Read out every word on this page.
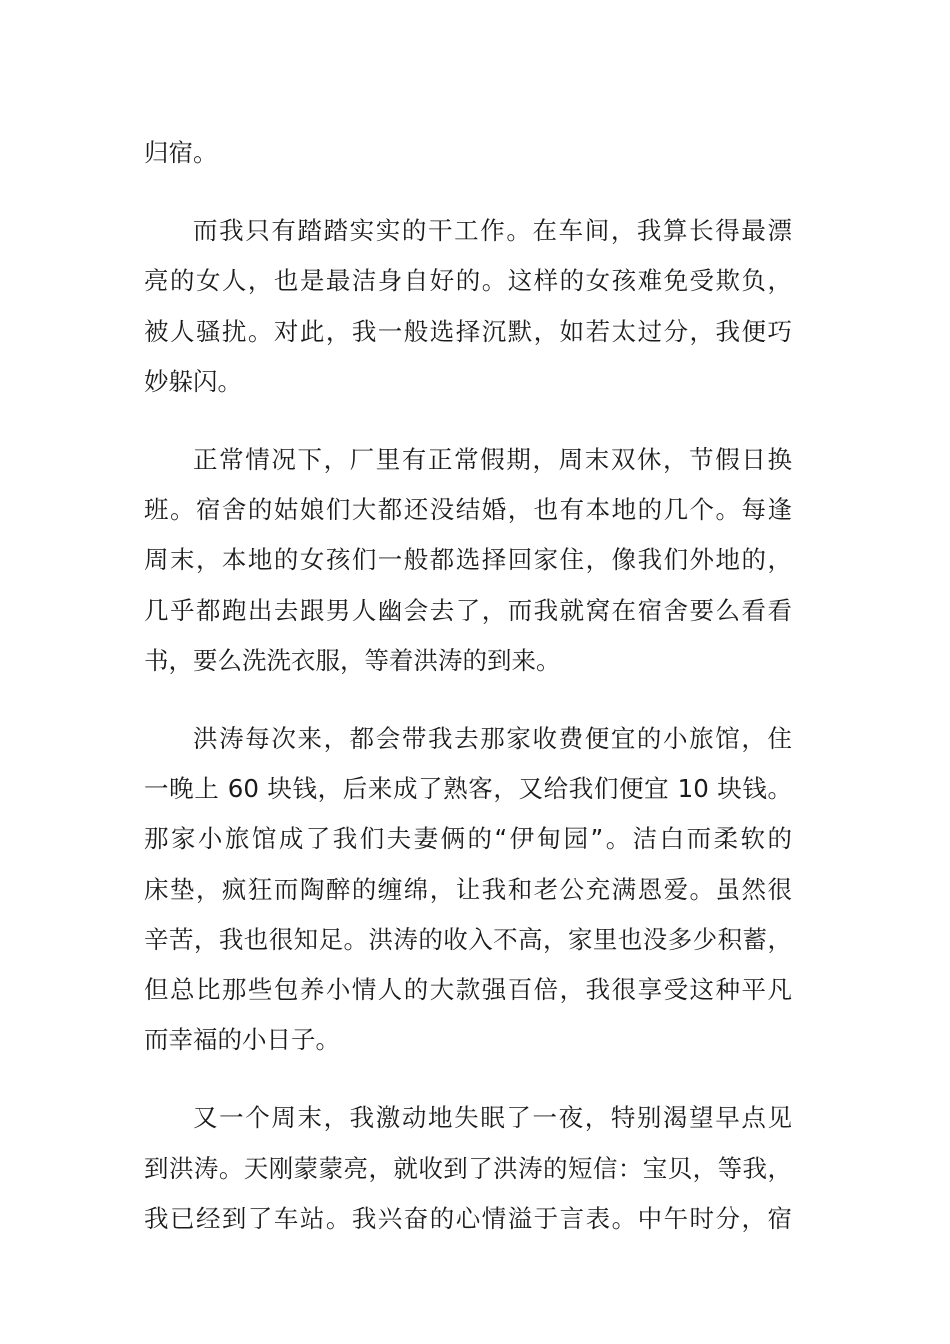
归宿。

而我只有踏踏实实的干工作。在车间，我算长得最漂
亮的女人，也是最洁身自好的。这样的女孩难免受欺负，
被人骚扰。对此，我一般选择沉默，如若太过分，我便巧
妙躲闪。

正常情况下，厂里有正常假期，周末双休，节假日换
班。宿舍的姑娘们大都还没结婚，也有本地的几个。每逢
周末，本地的女孩们一般都选择回家住，像我们外地的，
几乎都跑出去跟男人幽会去了，而我就窝在宿舍要么看看
书，要么洗洗衣服，等着洪涛的到来。

洪涛每次来，都会带我去那家收费便宜的小旅馆，住
一晚上 60 块钱，后来成了熟客，又给我们便宜 10 块钱。
那家小旅馆成了我们夫妻俩的“伊甸园”。洁白而柔软的
床垫，疯狂而陶醉的缠绵，让我和老公充满恩爱。虽然很
辛苦，我也很知足。洪涛的收入不高，家里也没多少积蓄，
但总比那些包养小情人的大款强百倍，我很享受这种平凡
而幸福的小日子。

又一个周末，我激动地失眠了一夜，特别渴望早点见
到洪涛。天刚蒙蒙亮，就收到了洪涛的短信：宝贝，等我，
我已经到了车站。我兴奋的心情溢于言表。中午时分，宿
